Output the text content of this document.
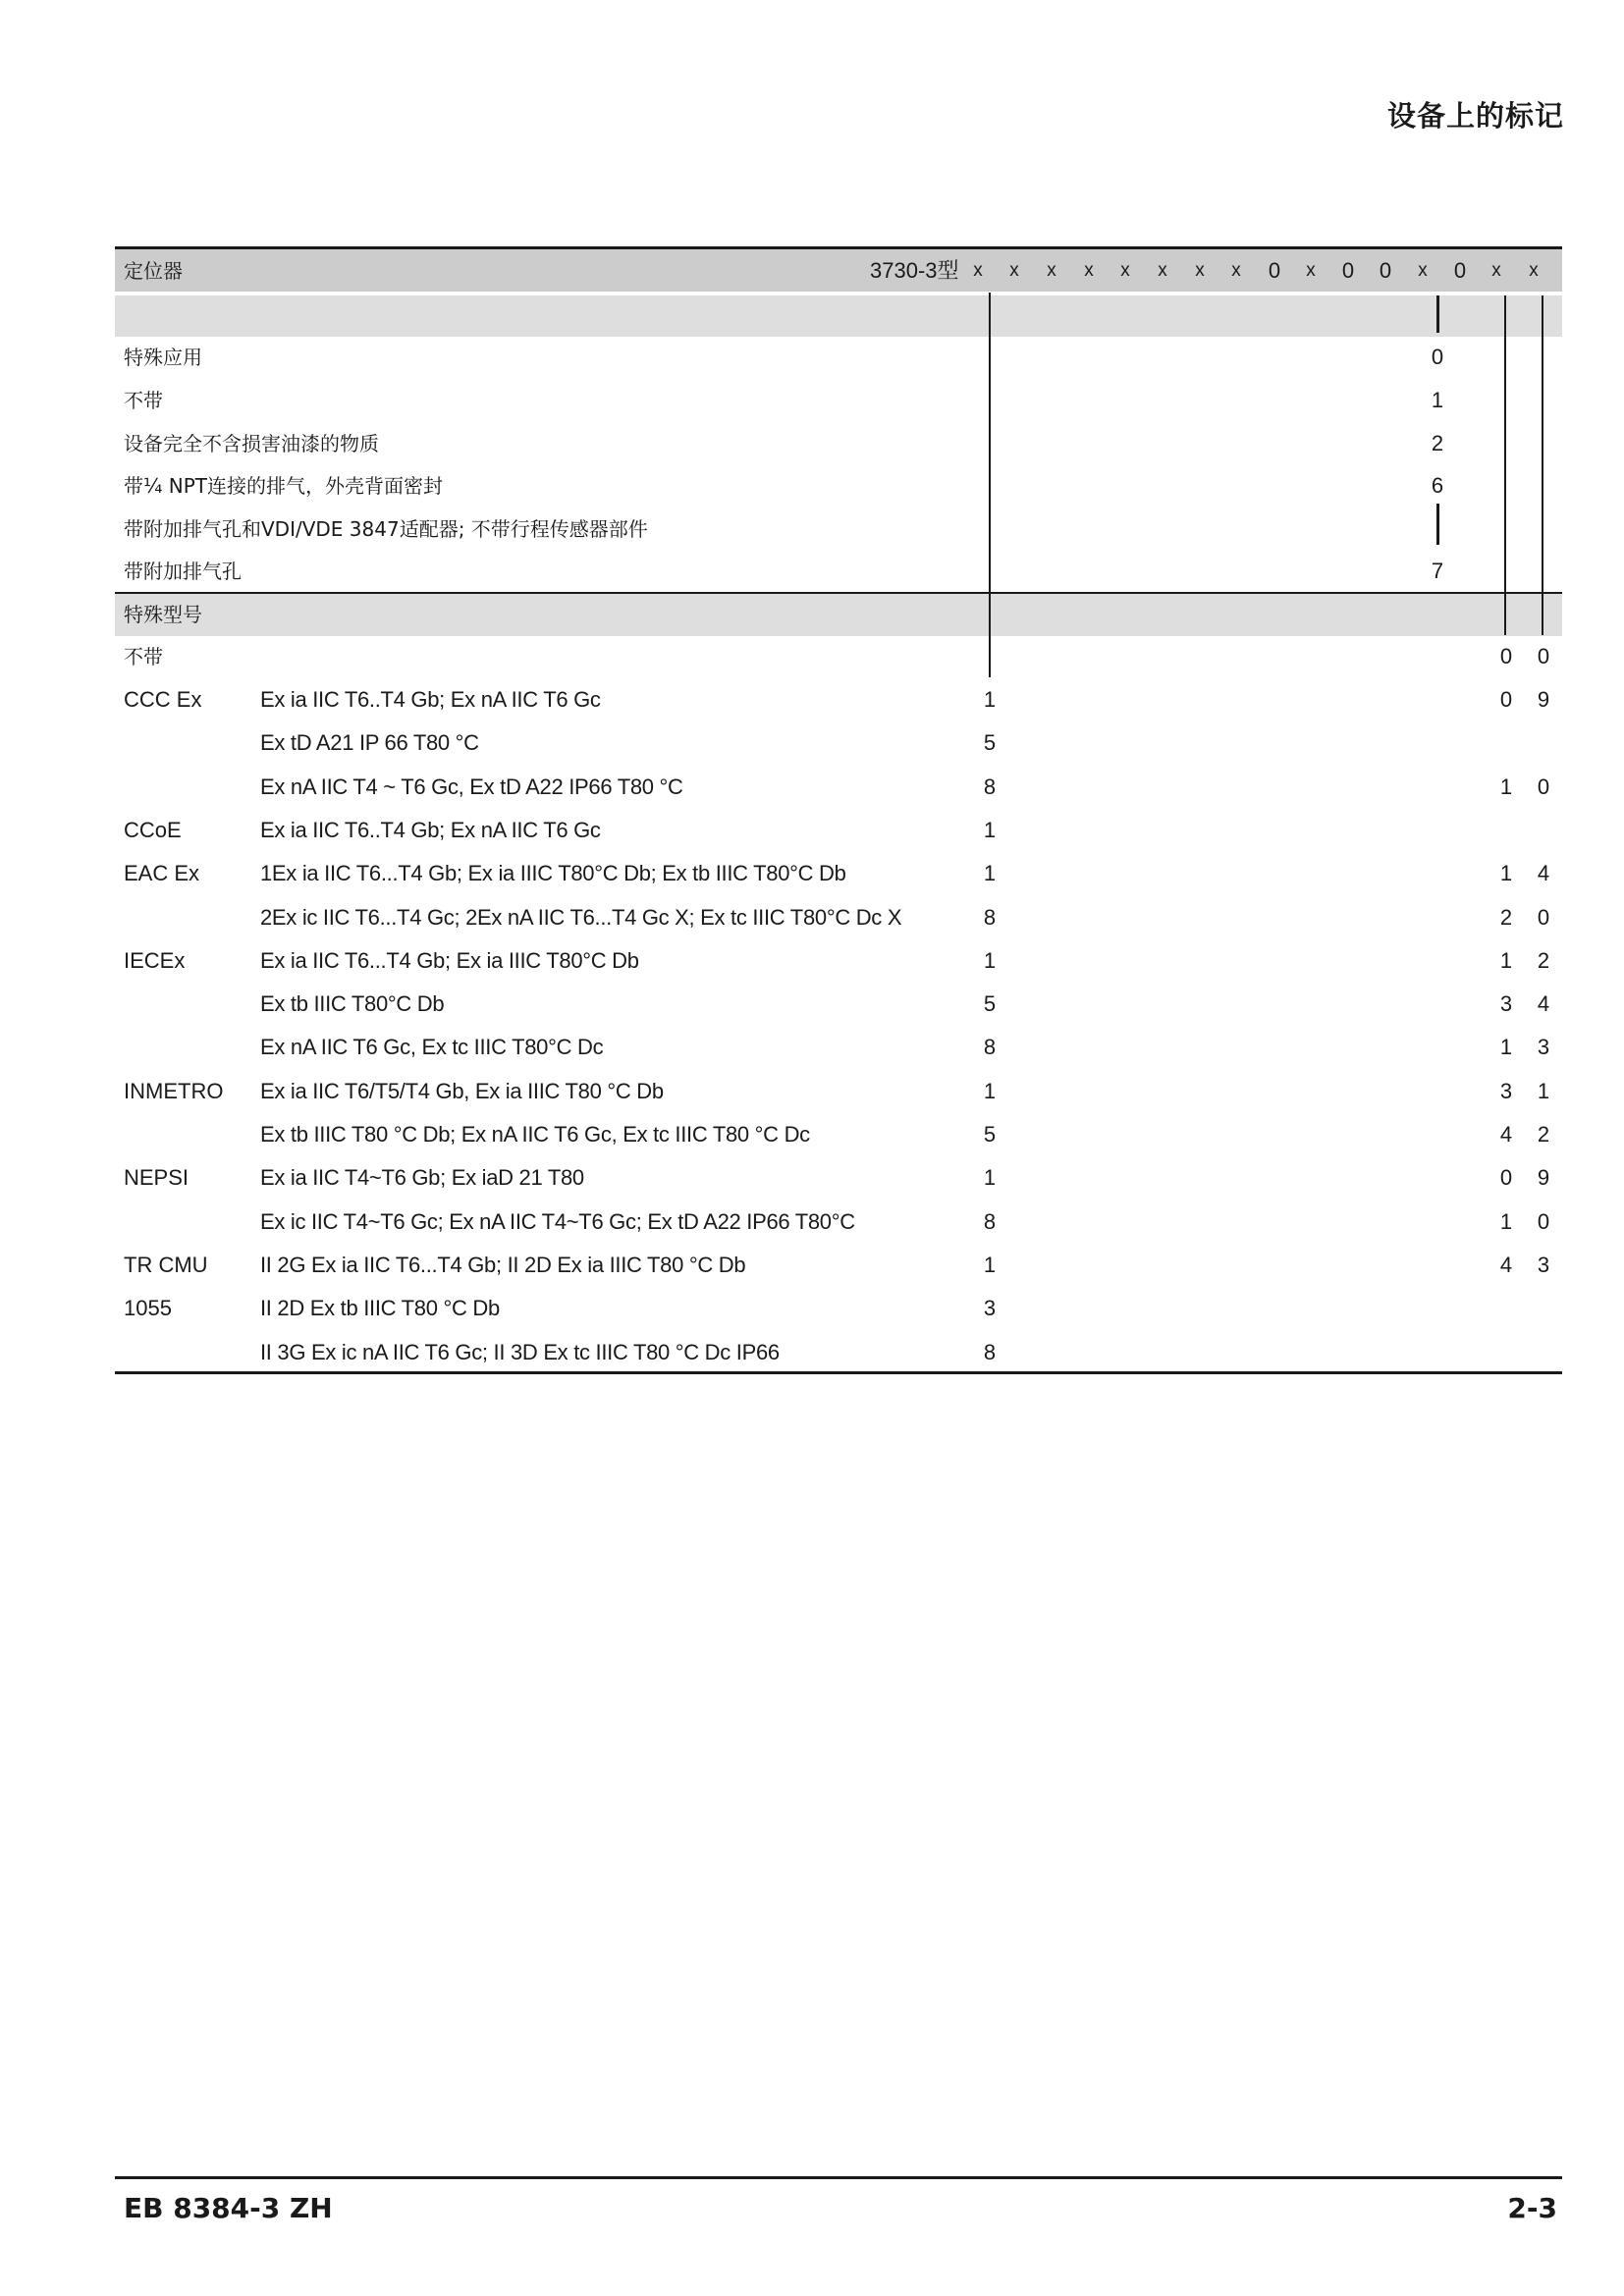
设备上的标记
定位器	3730-3型 x x x x x x x x 0 x 0 0 x 0 x x
特殊应用	0
不带	1
设备完全不含损害油漆的物质	2
带¼ NPT连接的排气，外壳背面密封	6
带附加排气孔和VDI/VDE 3847适配器; 不带行程传感器部件
带附加排气孔	7
特殊型号
不带	0 0
CCC Ex	Ex ia IIC T6..T4 Gb; Ex nA IIC T6 Gc	1	0 9
Ex tD A21 IP 66 T80 °C	5
Ex nA IIC T4 ~ T6 Gc, Ex tD A22 IP66 T80 °C	8	1 0
CCoE	Ex ia IIC T6..T4 Gb; Ex nA IIC T6 Gc	1
EAC Ex	1Ex ia IIC T6...T4 Gb; Ex ia IIIC T80°C Db; Ex tb IIIC T80°C Db	1	1 4
2Ex ic IIC T6...T4 Gc; 2Ex nA IIC T6...T4 Gc X; Ex tc IIIC T80°C Dc X	8	2 0
IECEx	Ex ia IIC T6...T4 Gb; Ex ia IIIC T80°C Db	1	1 2
Ex tb IIIC T80°C Db	5	3 4
Ex nA IIC T6 Gc, Ex tc IIIC T80°C Dc	8	1 3
INMETRO Ex ia IIC T6/T5/T4 Gb, Ex ia IIIC T80 °C Db	1	3 1
Ex tb IIIC T80 °C Db; Ex nA IIC T6 Gc, Ex tc IIIC T80 °C Dc	5	4 2
NEPSI	Ex ia IIC T4~T6 Gb; Ex iaD 21 T80	1	0 9
Ex ic IIC T4~T6 Gc; Ex nA IIC T4~T6 Gc; Ex tD A22 IP66 T80°C	8	1 0
TR CMU II 2G Ex ia IIC T6...T4 Gb; II 2D Ex ia IIIC T80 °C Db	1	4 3
1055	II 2D Ex tb IIIC T80 °C Db	3
II 3G Ex ic nA IIC T6 Gc; II 3D Ex tc IIIC T80 °C Dc IP66	8
EB 8384-3 ZH	2-3
